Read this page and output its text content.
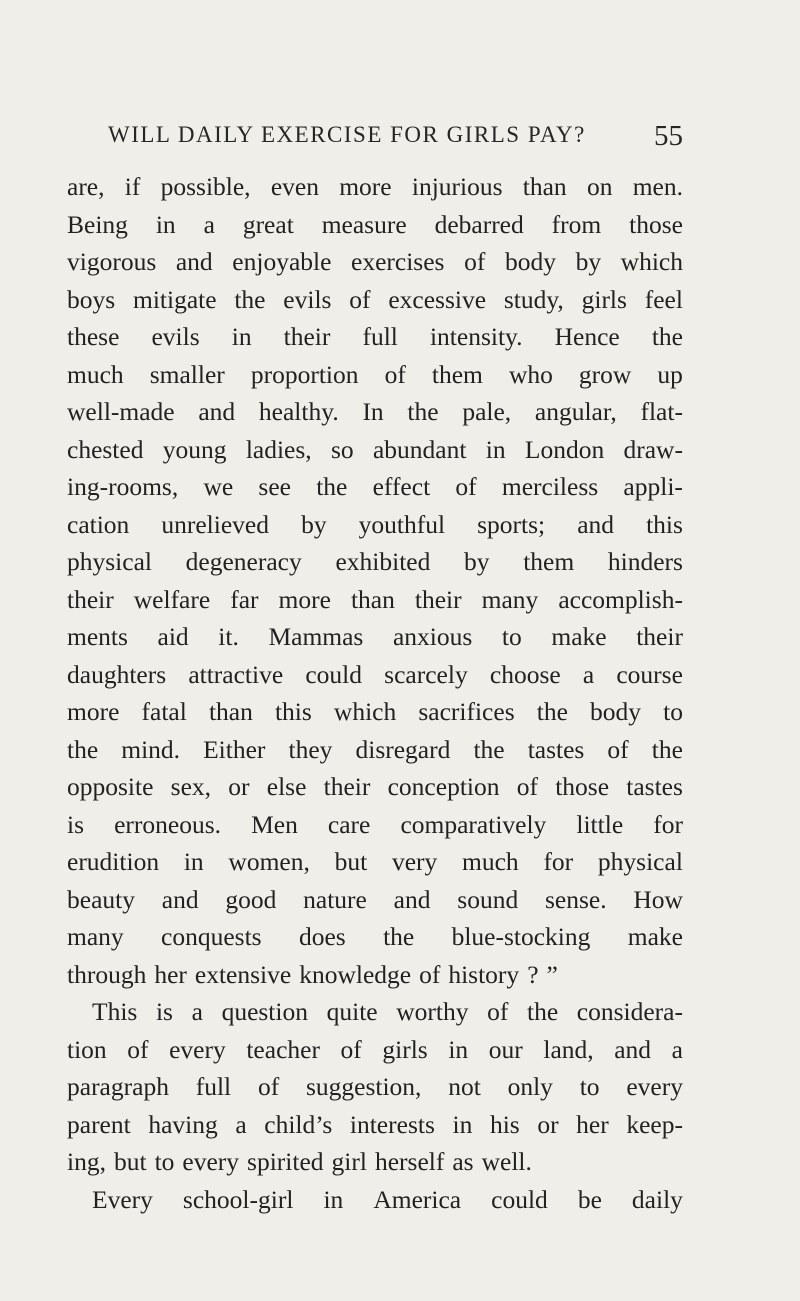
WILL DAILY EXERCISE FOR GIRLS PAY? 55
are, if possible, even more injurious than on men.
Being in a great measure debarred from those
vigorous and enjoyable exercises of body by which
boys mitigate the evils of excessive study, girls feel
these evils in their full intensity. Hence the
much smaller proportion of them who grow up
well-made and healthy. In the pale, angular, flat-
chested young ladies, so abundant in London draw-
ing-rooms, we see the effect of merciless appli-
cation unrelieved by youthful sports; and this
physical degeneracy exhibited by them hinders
their welfare far more than their many accomplish-
ments aid it. Mammas anxious to make their
daughters attractive could scarcely choose a course
more fatal than this which sacrifices the body to
the mind. Either they disregard the tastes of the
opposite sex, or else their conception of those tastes
is erroneous. Men care comparatively little for
erudition in women, but very much for physical
beauty and good nature and sound sense. How
many conquests does the blue-stocking make
through her extensive knowledge of history ? ”
This is a question quite worthy of the considera-
tion of every teacher of girls in our land, and a
paragraph full of suggestion, not only to every
parent having a child’s interests in his or her keep-
ing, but to every spirited girl herself as well.
Every school-girl in America could be daily
